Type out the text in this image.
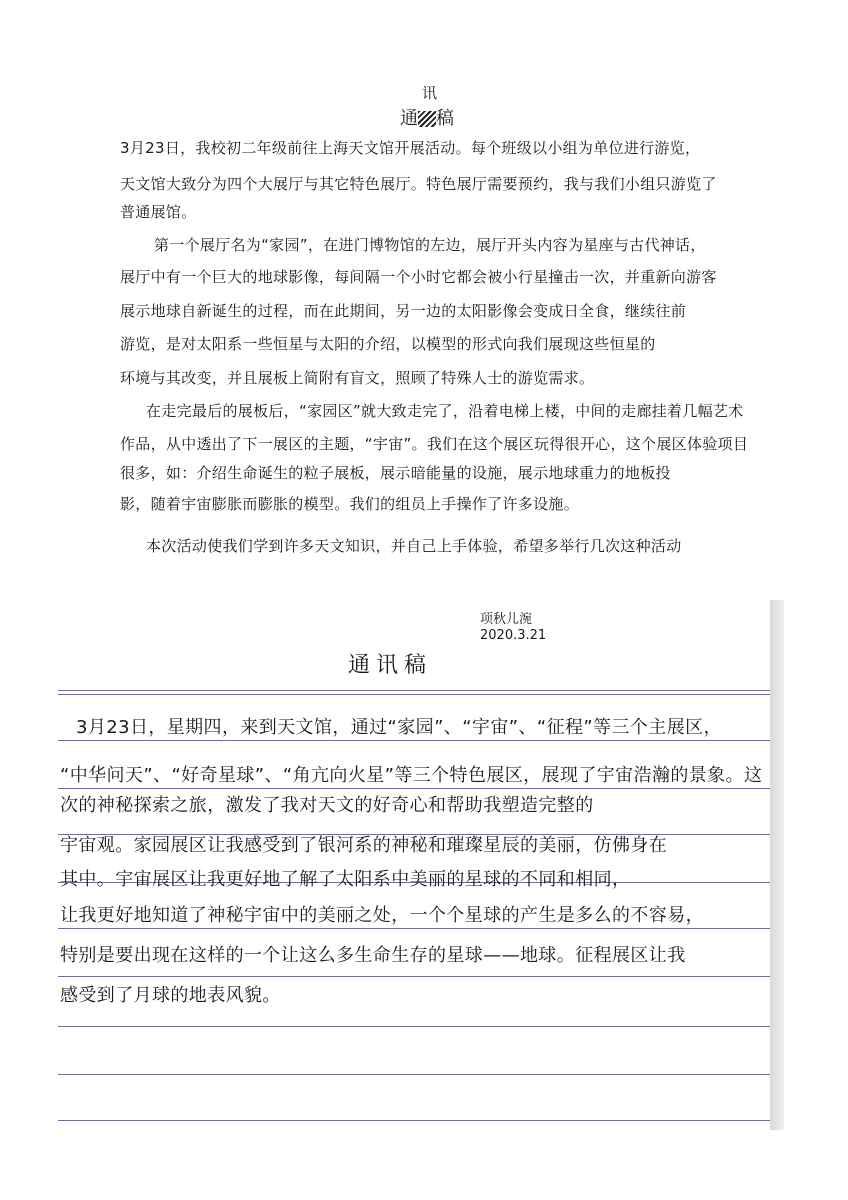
讯
通 稿
3月23日，我校初二年级前往上海天文馆开展活动。每个班级以小组为单位进行游览，
天文馆大致分为四个大展厅与其它特色展厅。特色展厅需要预约，我与我们小组只游览了
普通展馆。
第一个展厅名为“家园”，在进门博物馆的左边，展厅开头内容为星座与古代神话，
展厅中有一个巨大的地球影像，每间隔一个小时它都会被小行星撞击一次，并重新向游客
展示地球自新诞生的过程，而在此期间，另一边的太阳影像会变成日全食，继续往前
游览，是对太阳系一些恒星与太阳的介绍，以模型的形式向我们展现这些恒星的
环境与其改变，并且展板上简附有盲文，照顾了特殊人士的游览需求。
在走完最后的展板后，“家园区”就大致走完了，沿着电梯上楼，中间的走廊挂着几幅艺术
作品，从中透出了下一展区的主题，“宇宙”。我们在这个展区玩得很开心，这个展区体验项目
很多，如：介绍生命诞生的粒子展板，展示暗能量的设施，展示地球重力的地板投
影，随着宇宙膨胀而膨胀的模型。我们的组员上手操作了许多设施。
本次活动使我们学到许多天文知识，并自己上手体验，希望多举行几次这种活动
项秋儿涴
2020.3.21
通讯稿
3月23日，星期四，来到天文馆，通过“家园”、“宇宙”、“征程”等三个主展区，
“中华问天”、“好奇星球”、“角亢向火星”等三个特色展区，展现了宇宙浩瀚的景象。这
次的神秘探索之旅，激发了我对天文的好奇心和帮助我塑造完整的
宇宙观。家园展区让我感受到了银河系的神秘和璀璨星辰的美丽，仿佛身在
其中。宇宙展区让我更好地了解了太阳系中美丽的星球的不同和相同，
让我更好地知道了神秘宇宙中的美丽之处，一个个星球的产生是多么的不容易，
特别是要出现在这样的一个让这么多生命生存的星球——地球。征程展区让我
感受到了月球的地表风貌。
